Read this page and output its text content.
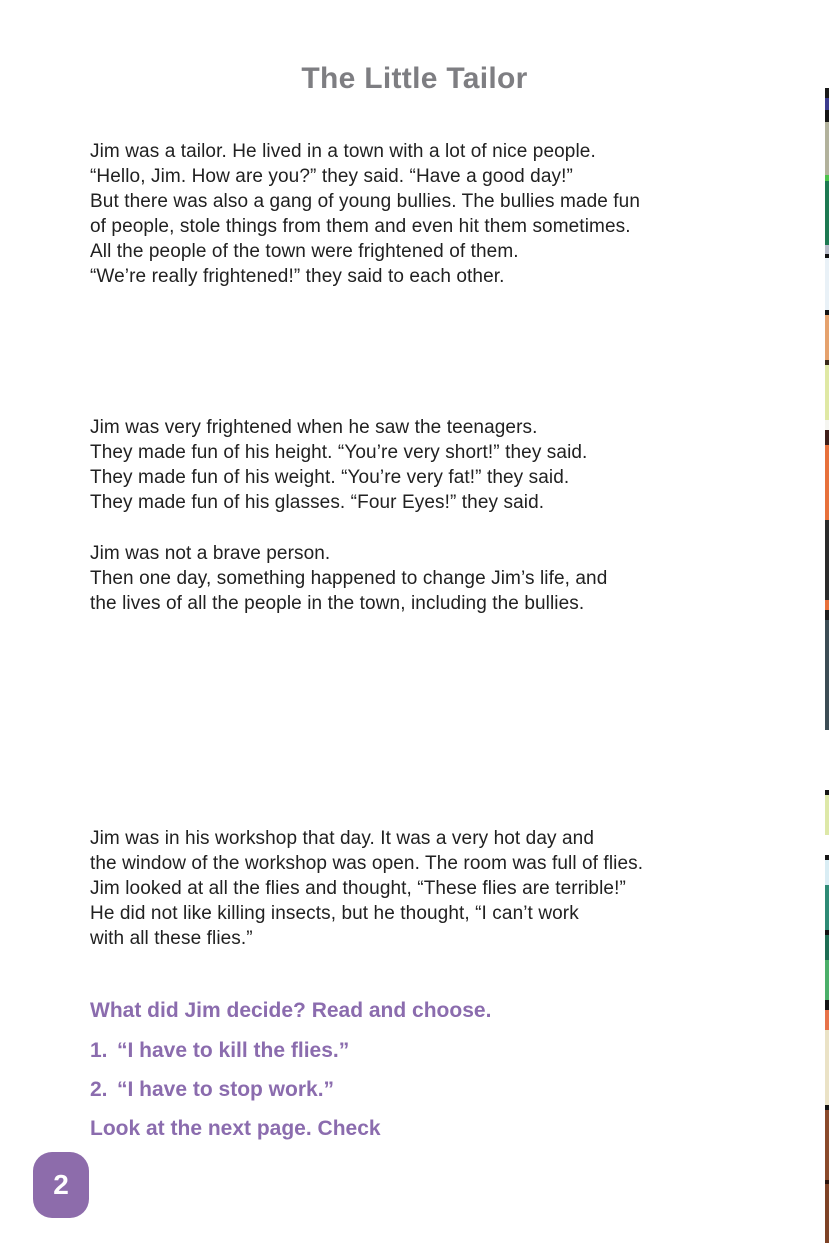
The Little Tailor
Jim was a tailor. He lived in a town with a lot of nice people.
“Hello, Jim. How are you?” they said. “Have a good day!”
But there was also a gang of young bullies. The bullies made fun
of people, stole things from them and even hit them sometimes.
All the people of the town were frightened of them.
“We’re really frightened!” they said to each other.
Jim was very frightened when he saw the teenagers.
They made fun of his height. “You’re very short!” they said.
They made fun of his weight. “You’re very fat!” they said.
They made fun of his glasses. “Four Eyes!” they said.
Jim was not a brave person.
Then one day, something happened to change Jim’s life, and
the lives of all the people in the town, including the bullies.
Jim was in his workshop that day. It was a very hot day and
the window of the workshop was open. The room was full of flies.
Jim looked at all the flies and thought, “These flies are terrible!”
He did not like killing insects, but he thought, “I can’t work
with all these flies.”
What did Jim decide? Read and choose.
1. “I have to kill the flies.”
2. “I have to stop work.”
Look at the next page. Check
2
